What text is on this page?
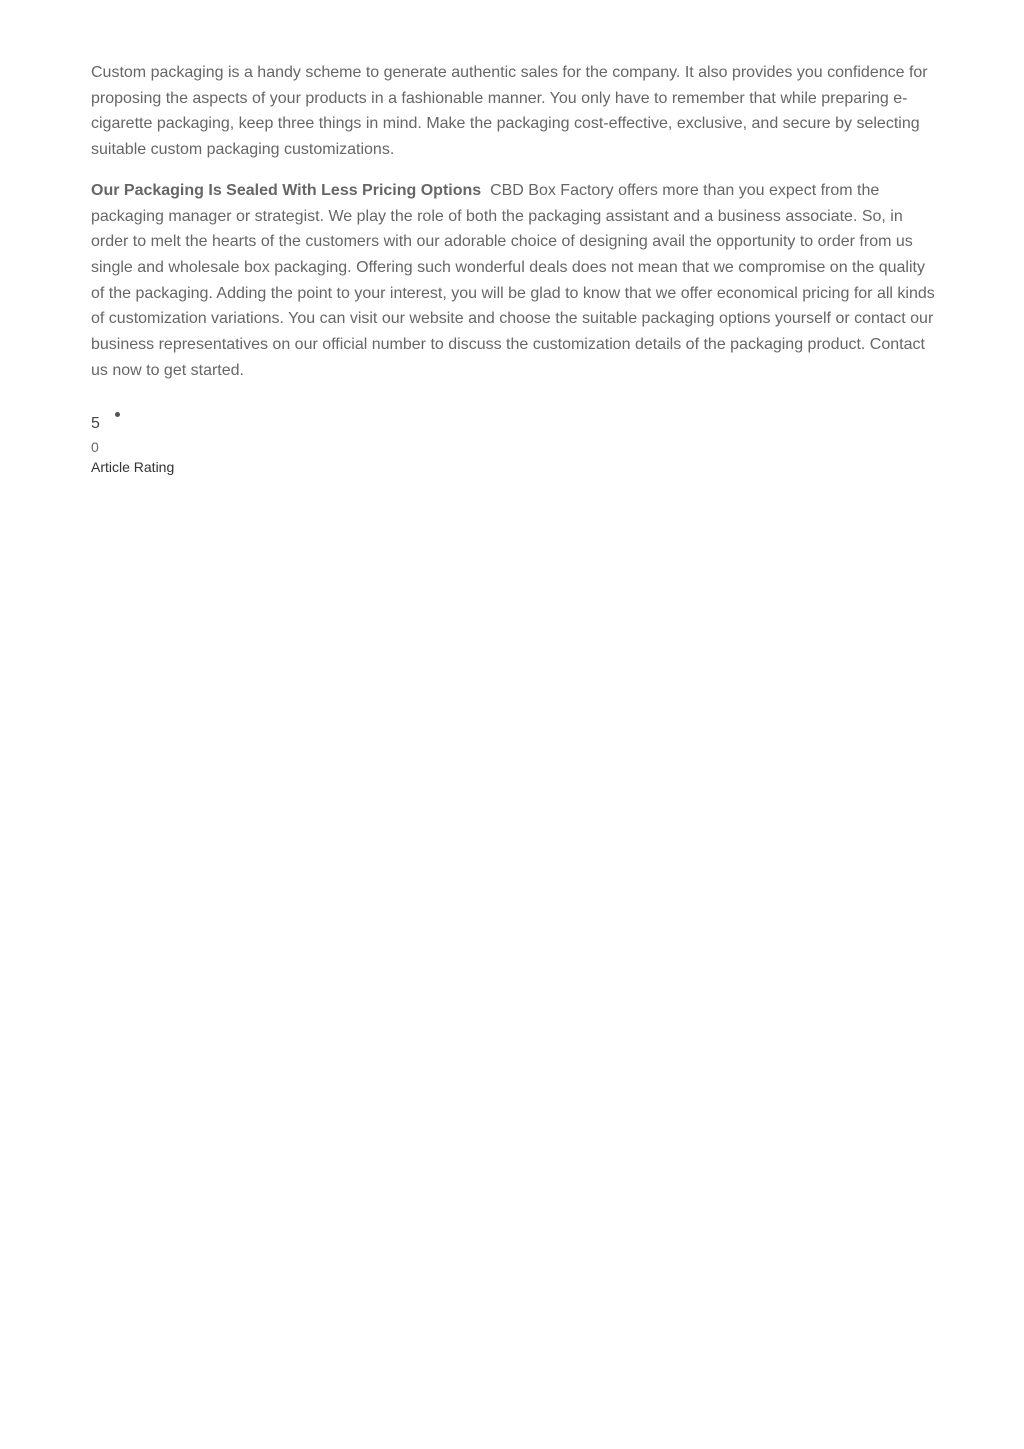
Custom packaging is a handy scheme to generate authentic sales for the company. It also provides you confidence for proposing the aspects of your products in a fashionable manner. You only have to remember that while preparing e-cigarette packaging, keep three things in mind. Make the packaging cost-effective, exclusive, and secure by selecting suitable custom packaging customizations.

Our Packaging Is Sealed With Less Pricing Options CBD Box Factory offers more than you expect from the packaging manager or strategist. We play the role of both the packaging assistant and a business associate. So, in order to melt the hearts of the customers with our adorable choice of designing avail the opportunity to order from us single and wholesale box packaging. Offering such wonderful deals does not mean that we compromise on the quality of the packaging. Adding the point to your interest, you will be glad to know that we offer economical pricing for all kinds of customization variations. You can visit our website and choose the suitable packaging options yourself or contact our business representatives on our official number to discuss the customization details of the packaging product. Contact us now to get started.

5
0
Article Rating
